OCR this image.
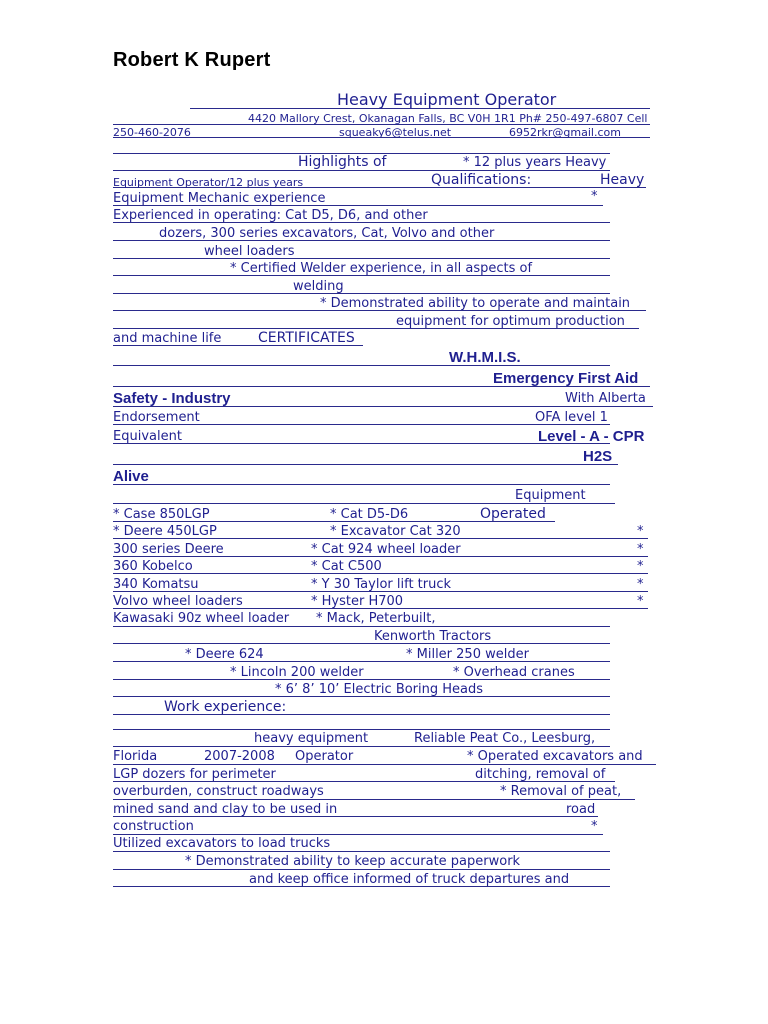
Robert K Rupert
Heavy Equipment Operator
4420 Mallory Crest, Okanagan Falls, BC V0H 1R1 Ph# 250-497-6807 Cell
250-460-2076	squeaky6@telus.net	6952rkr@gmail.com
Highlights of	* 12 plus years Heavy
Equipment Operator/12 plus years	Qualifications:	Heavy
Equipment Mechanic experience	*
Experienced in operating: Cat D5, D6, and other
dozers, 300 series excavators, Cat, Volvo and other
wheel loaders
* Certified Welder experience, in all aspects of
welding
* Demonstrated ability to operate and maintain
equipment for optimum production
and machine life	CERTIFICATES
W.H.M.I.S.
Emergency First Aid
Safety - Industry	With Alberta
Endorsement	OFA level 1
Equivalent	Level - A - CPR
H2S
Alive
Equipment
* Case 850LGP	* Cat D5-D6	Operated
* Deere 450LGP	* Excavator Cat 320	*
300 series Deere	* Cat 924 wheel loader	*
360 Kobelco	* Cat C500	*
340 Komatsu	* Y 30 Taylor lift truck	*
Volvo wheel loaders	* Hyster H700	*
Kawasaki 90z wheel loader * Mack, Peterbuilt,
Kenworth Tractors
* Deere 624	* Miller 250 welder
* Lincoln 200 welder	* Overhead cranes
* 6’ 8’ 10’ Electric Boring Heads
Work experience:
heavy equipment	Reliable Peat Co., Leesburg,
Florida	2007-2008 Operator	* Operated excavators and
LGP dozers for perimeter	ditching, removal of
overburden, construct roadways	* Removal of peat,
mined sand and clay to be used in	road
construction	*
Utilized excavators to load trucks
* Demonstrated ability to keep accurate paperwork
and keep office informed of truck departures and
